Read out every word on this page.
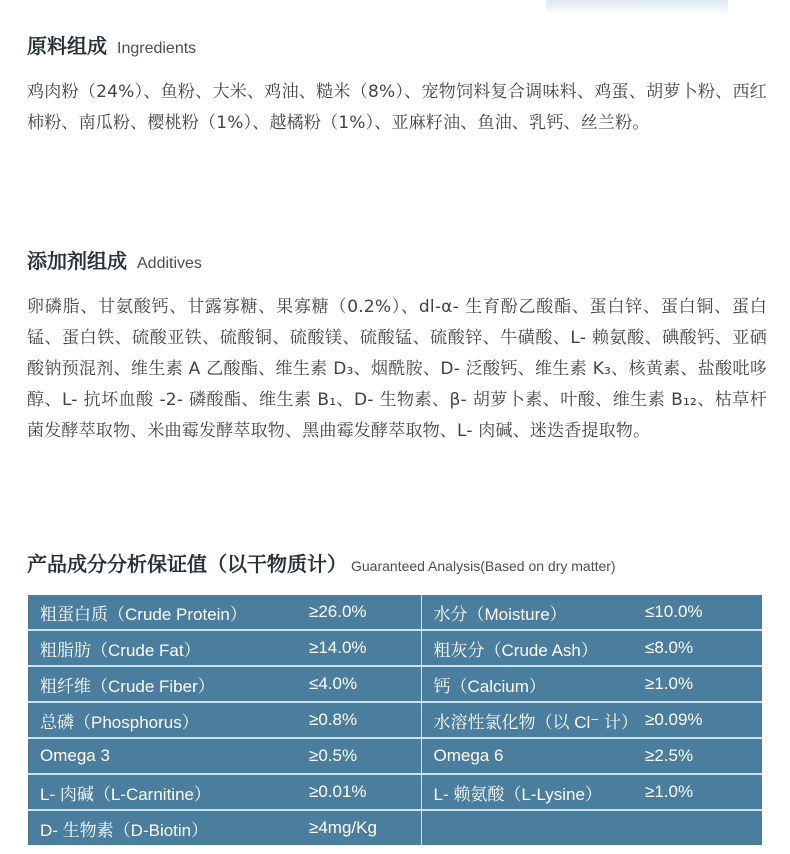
原料组成 Ingredients
鸡肉粉（24%）、鱼粉、大米、鸡油、糙米（8%）、宠物饲料复合调味料、鸡蛋、胡萝卜粉、西红柿粉、南瓜粉、樱桃粉（1%）、越橘粉（1%）、亚麻籽油、鱼油、乳钙、丝兰粉。
添加剂组成 Additives
卵磷脂、甘氨酸钙、甘露寡糖、果寡糖（0.2%）、dl-α- 生育酚乙酸酯、蛋白锌、蛋白铜、蛋白锰、蛋白铁、硫酸亚铁、硫酸铜、硫酸镁、硫酸锰、硫酸锌、牛磺酸、L- 赖氨酸、碘酸钙、亚硒酸钠预混剂、维生素 A 乙酸酯、维生素 D₃、烟酰胺、D- 泛酸钙、维生素 K₃、核黄素、盐酸吡哆醇、L- 抗坏血酸 -2- 磷酸酯、维生素 B₁、D- 生物素、β- 胡萝卜素、叶酸、维生素 B₁₂、枯草杆菌发酵萃取物、米曲霉发酵萃取物、黑曲霉发酵萃取物、L- 肉碱、迷迭香提取物。
产品成分分析保证值（以干物质计） Guaranteed Analysis(Based on dry matter)
粗蛋白质（Crude Protein）	≥26.0%	水分（Moisture）	≤10.0%
粗脂肪（Crude Fat）	≥14.0%	粗灰分（Crude Ash）	≤8.0%
粗纤维（Crude Fiber）	≤4.0%	钙（Calcium）	≥1.0%
总磷（Phosphorus）	≥0.8%	水溶性氯化物（以 Cl⁻ 计）	≥0.09%
Omega 3	≥0.5%	Omega 6	≥2.5%
L- 肉碱（L-Carnitine）	≥0.01%	L- 赖氨酸（L-Lysine）	≥1.0%
D- 生物素（D-Biotin）	≥4mg/Kg		
